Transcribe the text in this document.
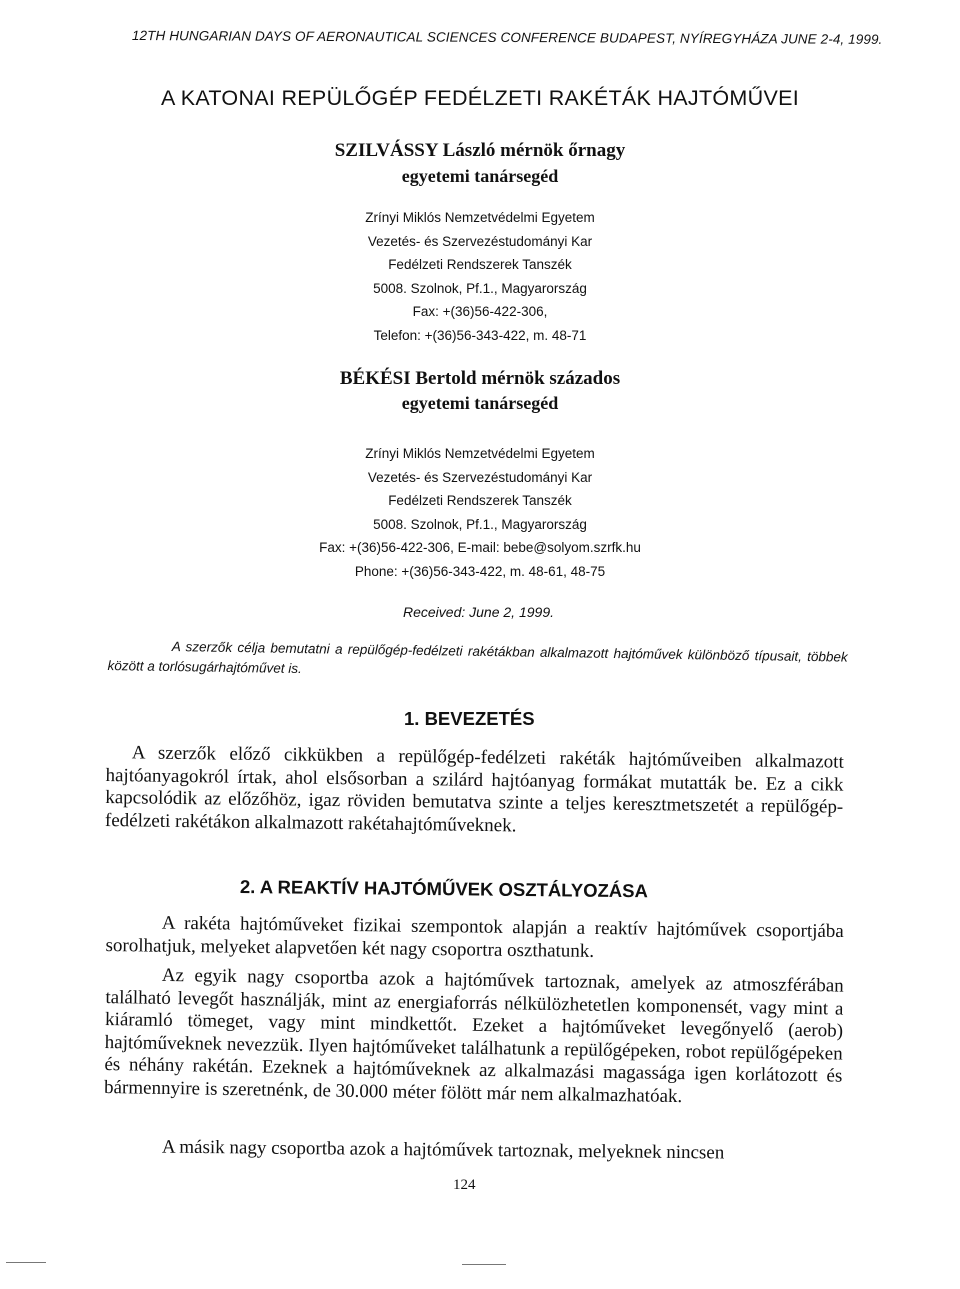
12TH HUNGARIAN DAYS OF AERONAUTICAL SCIENCES CONFERENCE BUDAPEST, NYÍREGYHÁZA JUNE 2-4, 1999.
A KATONAI REPÜLŐGÉP FEDÉLZETI RAKÉTÁK HAJTÓMŰVEI
SZILVÁSSY László mérnök őrnagy
egyetemi tanársegéd
Zrínyi Miklós Nemzetvédelmi Egyetem
Vezetés- és Szervezéstudományi Kar
Fedélzeti Rendszerek Tanszék
5008. Szolnok, Pf.1., Magyarország
Fax: +(36)56-422-306,
Telefon: +(36)56-343-422, m. 48-71
BÉKÉSI Bertold mérnök százados
egyetemi tanársegéd
Zrínyi Miklós Nemzetvédelmi Egyetem
Vezetés- és Szervezéstudományi Kar
Fedélzeti Rendszerek Tanszék
5008. Szolnok, Pf.1., Magyarország
Fax: +(36)56-422-306, E-mail: bebe@solyom.szrfk.hu
Phone: +(36)56-343-422, m. 48-61, 48-75
Received: June 2, 1999.
A szerzők célja bemutatni a repülőgép-fedélzeti rakétákban alkalmazott hajtóművek különböző típusait, többek között a torlósugárhajtóművet is.
1. BEVEZETÉS
A szerzők előző cikkükben a repülőgép-fedélzeti rakéták hajtóműveiben alkalmazott hajtóanyagokról írtak, ahol elsősorban a szilárd hajtóanyag formákat mutatták be. Ez a cikk kapcsolódik az előzőhöz, igaz röviden bemutatva szinte a teljes keresztmetszetét a repülőgép-fedélzeti rakétákon alkalmazott rakétahajtóműveknek.
2. A REAKTÍV HAJTÓMŰVEK OSZTÁLYOZÁSA
A rakéta hajtóműveket fizikai szempontok alapján a reaktív hajtóművek csoportjába sorolhatjuk, melyeket alapvetően két nagy csoportra oszthatunk.
Az egyik nagy csoportba azok a hajtóművek tartoznak, amelyek az atmoszférában található levegőt használják, mint az energiaforrás nélkülözhetetlen komponensét, vagy mint a kiáramló tömeget, vagy mint mindkettőt. Ezeket a hajtóműveket levegőnyelő (aerob) hajtóműveknek nevezzük. Ilyen hajtóműveket találhatunk a repülőgépeken, robot repülőgépeken és néhány rakétán. Ezeknek a hajtóműveknek az alkalmazási magassága igen korlátozott és bármennyire is szeretnénk, de 30.000 méter fölött már nem alkalmazhatóak.
A másik nagy csoportba azok a hajtóművek tartoznak, melyeknek nincsen
124
